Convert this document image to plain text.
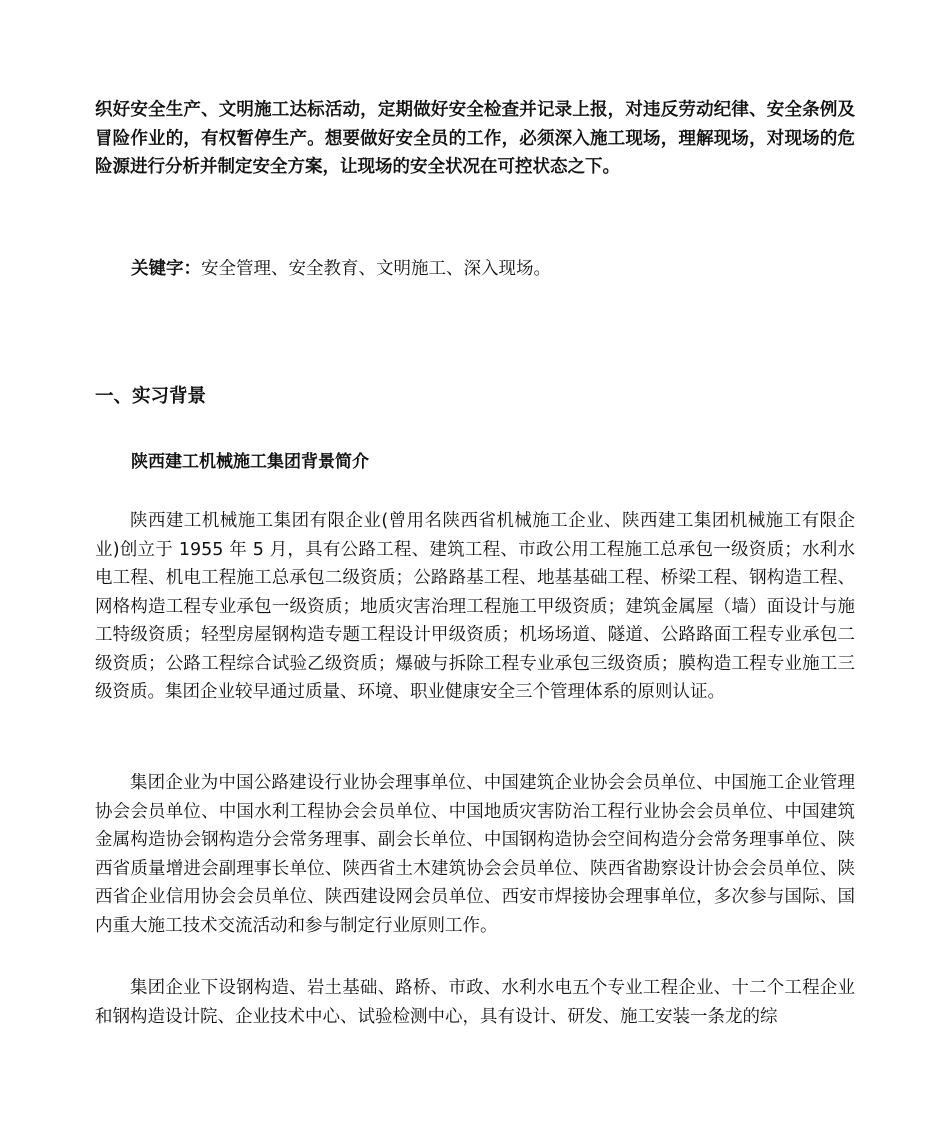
织好安全生产、文明施工达标活动，定期做好安全检查并记录上报，对违反劳动纪律、安全条例及冒险作业的，有权暂停生产。想要做好安全员的工作，必须深入施工现场，理解现场，对现场的危险源进行分析并制定安全方案，让现场的安全状况在可控状态之下。

关键字：安全管理、安全教育、文明施工、深入现场。

一、实习背景
陕西建工机械施工集团背景简介

陕西建工机械施工集团有限企业(曾用名陕西省机械施工企业、陕西建工集团机械施工有限企业)创立于 1955 年 5 月，具有公路工程、建筑工程、市政公用工程施工总承包一级资质；水利水电工程、机电工程施工总承包二级资质；公路路基工程、地基基础工程、桥梁工程、钢构造工程、网格构造工程专业承包一级资质；地质灾害治理工程施工甲级资质；建筑金属屋（墙）面设计与施工特级资质；轻型房屋钢构造专题工程设计甲级资质；机场场道、隧道、公路路面工程专业承包二级资质；公路工程综合试验乙级资质；爆破与拆除工程专业承包三级资质；膜构造工程专业施工三级资质。集团企业较早通过质量、环境、职业健康安全三个管理体系的原则认证。

集团企业为中国公路建设行业协会理事单位、中国建筑企业协会会员单位、中国施工企业管理协会会员单位、中国水利工程协会会员单位、中国地质灾害防治工程行业协会会员单位、中国建筑金属构造协会钢构造分会常务理事、副会长单位、中国钢构造协会空间构造分会常务理事单位、陕西省质量增进会副理事长单位、陕西省土木建筑协会会员单位、陕西省勘察设计协会会员单位、陕西省企业信用协会会员单位、陕西建设网会员单位、西安市焊接协会理事单位，多次参与国际、国内重大施工技术交流活动和参与制定行业原则工作。

集团企业下设钢构造、岩土基础、路桥、市政、水利水电五个专业工程企业、十二个工程企业和钢构造设计院、企业技术中心、试验检测中心，具有设计、研发、施工安装一条龙的综
